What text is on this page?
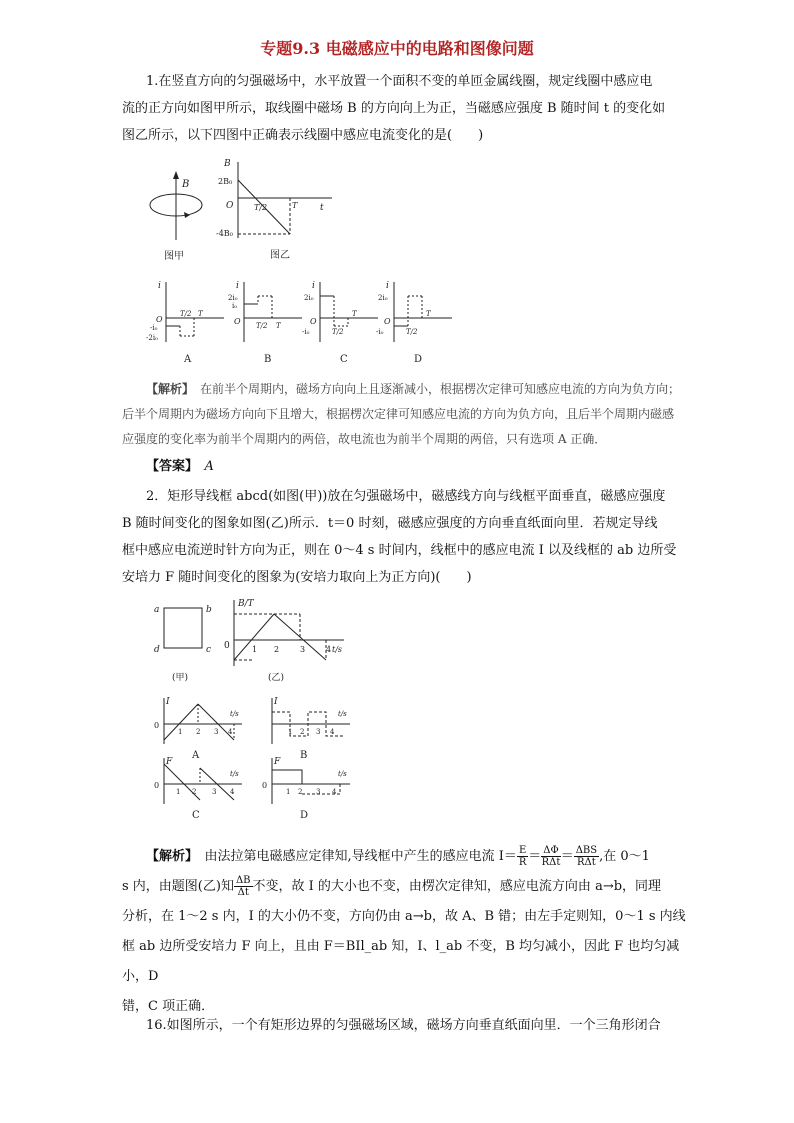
专题9.3 电磁感应中的电路和图像问题
1.在竖直方向的匀强磁场中，水平放置一个面积不变的单匝金属线圈，规定线圈中感应电
流的正方向如图甲所示，取线圈中磁场 B 的方向向上为正，当磁感应强度 B 随时间 t 的变化如
图乙所示，以下四图中正确表示线圈中感应电流变化的是(　　)
B
图甲
B
2B₀
O
-4B₀
t
T/2	T
图乙
i
O
-i₀
-2i₀
T/2 T
A
i
2i₀
i₀
O T/2 T
B
i
2i₀
O
-i₀	T/2
T
C
i
2i₀
O
-i₀	T/2
T
D
【解析】　 在前半个周期内，磁场方向向上且逐渐减小，根据楞次定律可知感应电流的方向为负方向；
后半个周期内为磁场方向向下且增大，根据楞次定律可知感应电流的方向为负方向，且后半个周期内磁感
应强度的变化率为前半个周期内的两倍，故电流也为前半个周期的两倍，只有选项 A 正确．
【答案】　 A
2．矩形导线框 abcd(如图(甲))放在匀强磁场中，磁感线方向与线框平面垂直，磁感应强度
B 随时间变化的图象如图(乙)所示．t＝0 时刻，磁感应强度的方向垂直纸面向里．若规定导线
框中感应电流逆时针方向为正，则在 0～4 s 时间内，线框中的感应电流 I 以及线框的 ab 边所受
安培力 F 随时间变化的图象为(安培力取向上为正方向)(　　)
a	b
c
d
(甲)
B/T
0	t/s
1 2	3	4
(乙)
I
0
t/s
1 2 3 4
A
I
t/s
1 2 3 4
B
F
0
t/s
1 2 3 4
C
F
0
t/s
1 2 3 4
D
【解析】　 由法拉第电磁感应定律知,导线框中产生的感应电流 $I= \frac{E}{R} = \frac{\Delta\Phi}{\text{RΔt}} = \frac{\text{ΔBS}}{\text{RΔt}}$ ,在 0～1
s 内，由题图(乙)知 $\frac{\Delta B}{\Delta t}$ 不变，故 I 的大小也不变，由楞次定律知，感应电流方向由 a→b，同理
分析，在 1～2 s 内，I 的大小仍不变，方向仍由 a→b，故 A、B 错；由左手定则知，0～1 s 内线
框 ab 边所受安培力 F 向上，且由 F＝BIl_ab 知，I、l_ab 不变，B 均匀减小，因此 F 也均匀减小，D
错，C 项正确．
16.如图所示，一个有矩形边界的匀强磁场区域，磁场方向垂直纸面向里．一个三角形闭合
